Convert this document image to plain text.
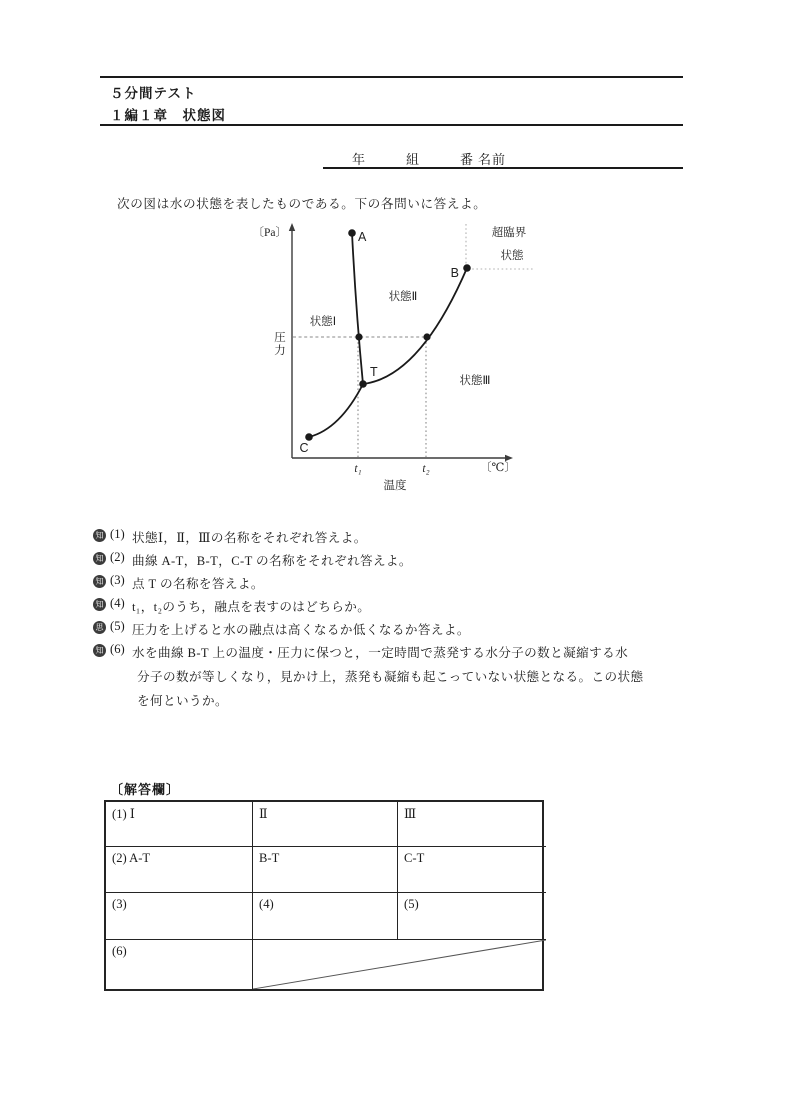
５分間テスト
１編１章　状態図
年	組	番 名前
次の図は水の状態を表したものである。下の各問いに答えよ。
〔Pa〕	A
B
C
T
超臨界
状態
状態Ⅰ
状態Ⅱ
状態Ⅲ
圧
力
t₁	t₂	〔℃〕
温度
知 (1) 状態Ⅰ，Ⅱ，Ⅲの名称をそれぞれ答えよ。
知 (2) 曲線 A-T，B-T，C-T の名称をそれぞれ答えよ。
知 (3) 点 T の名称を答えよ。
知 (4) t₁，t₂のうち，融点を表すのはどちらか。
思 (5) 圧力を上げると水の融点は高くなるか低くなるか答えよ。
知 (6) 水を曲線 B-T 上の温度・圧力に保つと，一定時間で蒸発する水分子の数と凝縮する水
分子の数が等しくなり，見かけ上，蒸発も凝縮も起こっていない状態となる。この状態
を何というか。
〔解答欄〕
(1) Ⅰ	Ⅱ	Ⅲ
(2) A-T	B-T	C-T
(3)	(4)	(5)
(6)
